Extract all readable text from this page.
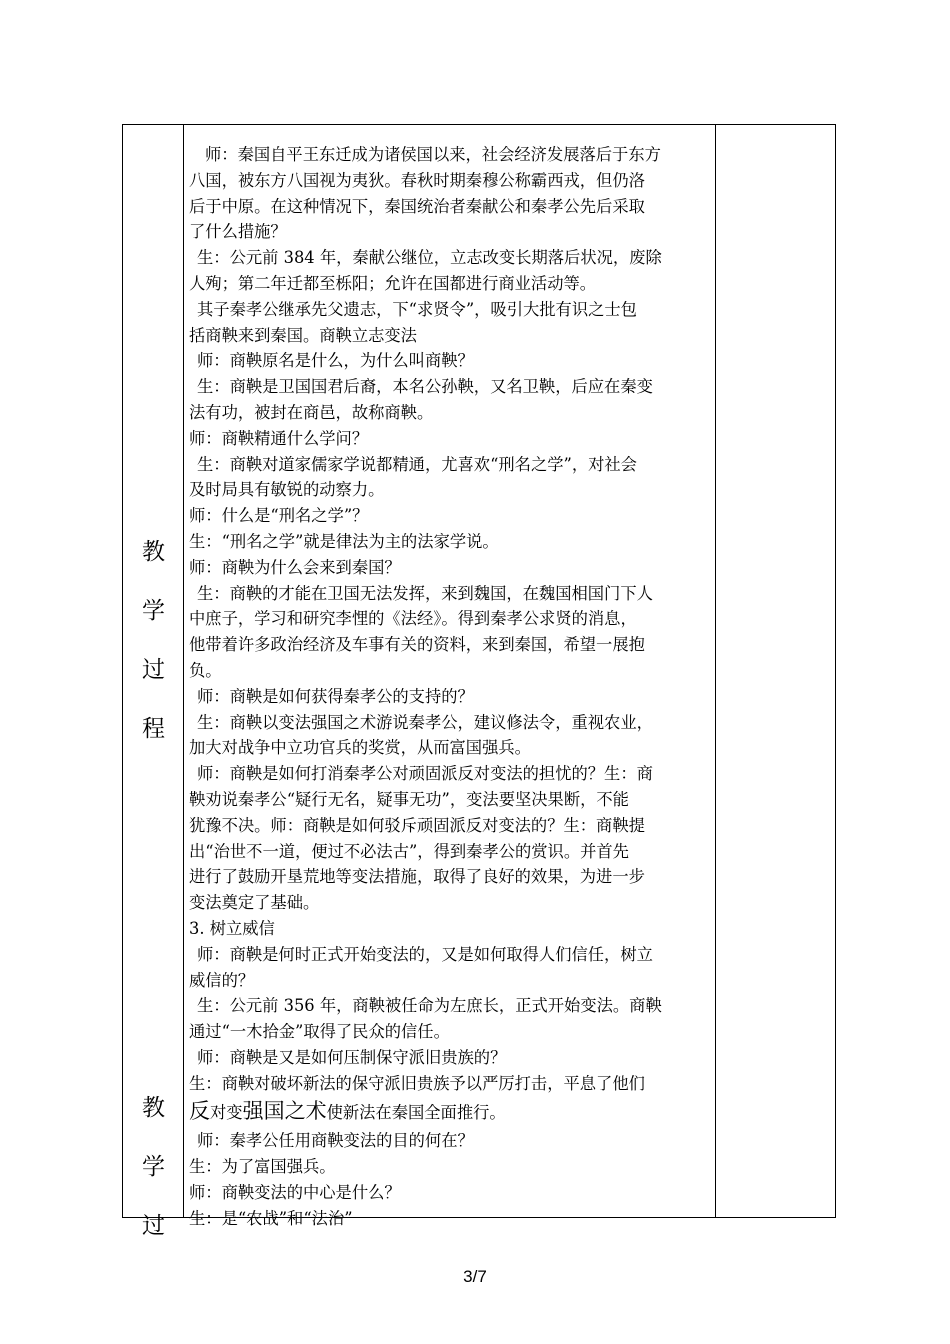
教
学
过
程
教
学
过
师：秦国自平王东迁成为诸侯国以来，社会经济发展落后于东方
八国，被东方八国视为夷狄。春秋时期秦穆公称霸西戎，但仍洛
后于中原。在这种情况下，秦国统治者秦献公和秦孝公先后采取
了什么措施？
生：公元前 384 年，秦献公继位，立志改变长期落后状况，废除
人殉；第二年迁都至栎阳；允许在国都进行商业活动等。
其子秦孝公继承先父遗志，下“求贤令”，吸引大批有识之士包
括商鞅来到秦国。商鞅立志变法
师：商鞅原名是什么，为什么叫商鞅？
生：商鞅是卫国国君后裔，本名公孙鞅，又名卫鞅，后应在秦变
法有功，被封在商邑，故称商鞅。
师：商鞅精通什么学问？
生：商鞅对道家儒家学说都精通，尤喜欢“刑名之学”，对社会
及时局具有敏锐的动察力。
师：什么是“刑名之学”？
生：“刑名之学”就是律法为主的法家学说。
师：商鞅为什么会来到秦国？
生：商鞅的才能在卫国无法发挥，来到魏国，在魏国相国门下人
中庶子，学习和研究李悝的《法经》。得到秦孝公求贤的消息，
他带着许多政治经济及车事有关的资料，来到秦国，希望一展抱
负。
师：商鞅是如何获得秦孝公的支持的？
生：商鞅以变法强国之术游说秦孝公，建议修法令，重视农业，
加大对战争中立功官兵的奖赏，从而富国强兵。
师：商鞅是如何打消秦孝公对顽固派反对变法的担忧的？生：商
鞅劝说秦孝公“疑行无名，疑事无功”，变法要坚决果断，不能
犹豫不决。师：商鞅是如何驳斥顽固派反对变法的？生：商鞅提
出“治世不一道，便过不必法古”，得到秦孝公的赏识。并首先
进行了鼓励开垦荒地等变法措施，取得了良好的效果，为进一步
变法奠定了基础。
3. 树立威信
师：商鞅是何时正式开始变法的，又是如何取得人们信任，树立
威信的？
生：公元前 356 年，商鞅被任命为左庶长，正式开始变法。商鞅
通过“一木拾金”取得了民众的信任。
师：商鞅是又是如何压制保守派旧贵族的？
生：商鞅对破坏新法的保守派旧贵族予以严厉打击，平息了他们
反对变强国之术使新法在秦国全面推行。
师：秦孝公任用商鞅变法的目的何在？
生：为了富国强兵。
师：商鞅变法的中心是什么？
生：是“农战”和“法治”
3/7
